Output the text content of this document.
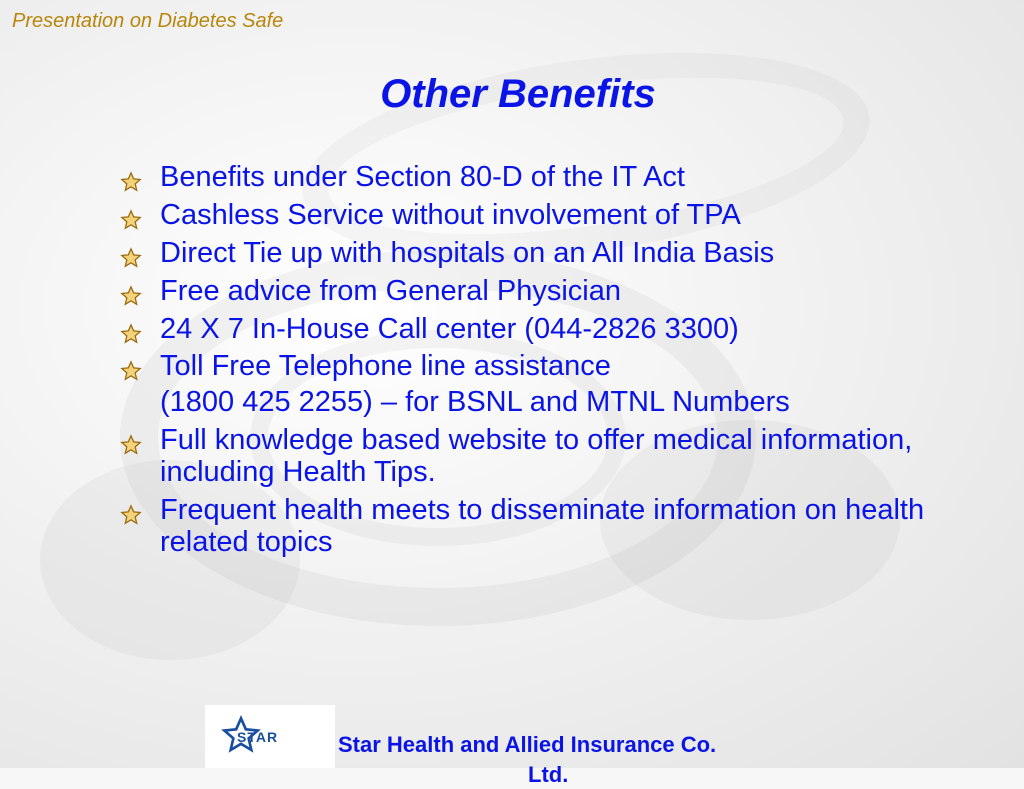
Presentation on Diabetes Safe
Other Benefits
Benefits under Section 80-D of the IT Act
Cashless Service without involvement of TPA
Direct Tie up with hospitals on an All India Basis
Free advice from General Physician
24 X 7 In-House Call center (044-2826 3300)
Toll Free Telephone line assistance
(1800 425 2255) – for BSNL and MTNL Numbers
Full knowledge based website to offer medical information, including Health Tips.
Frequent health meets to disseminate information on health related topics
STAR	Star Health and Allied Insurance Co.
Ltd.
